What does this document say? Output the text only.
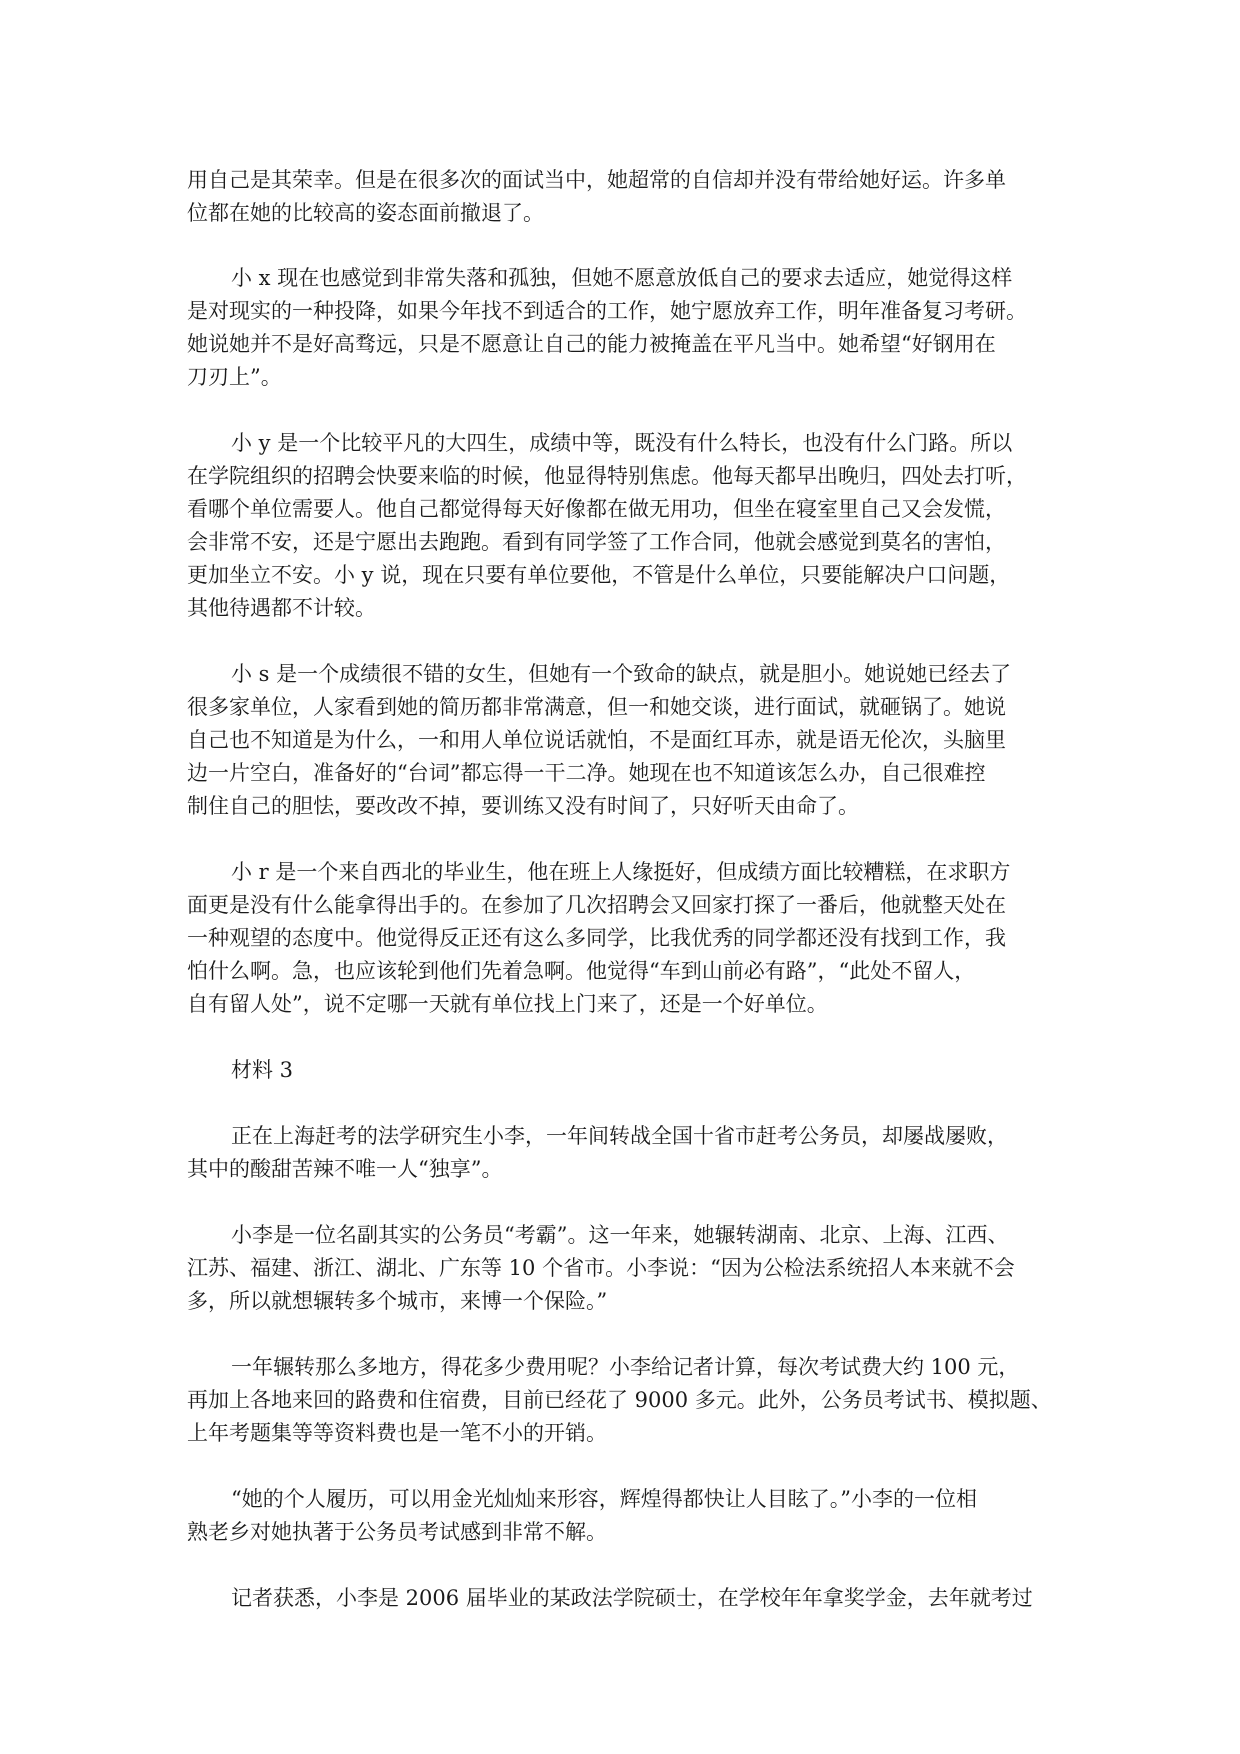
用自己是其荣幸。但是在很多次的面试当中，她超常的自信却并没有带给她好运。许多单
位都在她的比较高的姿态面前撤退了。
小 x 现在也感觉到非常失落和孤独，但她不愿意放低自己的要求去适应，她觉得这样
是对现实的一种投降，如果今年找不到适合的工作，她宁愿放弃工作，明年准备复习考研。
她说她并不是好高骛远，只是不愿意让自己的能力被掩盖在平凡当中。她希望“好钢用在
刀刃上”。
小 y 是一个比较平凡的大四生，成绩中等，既没有什么特长，也没有什么门路。所以
在学院组织的招聘会快要来临的时候，他显得特别焦虑。他每天都早出晚归，四处去打听，
看哪个单位需要人。他自己都觉得每天好像都在做无用功，但坐在寝室里自己又会发慌，
会非常不安，还是宁愿出去跑跑。看到有同学签了工作合同，他就会感觉到莫名的害怕，
更加坐立不安。小 y 说，现在只要有单位要他，不管是什么单位，只要能解决户口问题，
其他待遇都不计较。
小 s 是一个成绩很不错的女生，但她有一个致命的缺点，就是胆小。她说她已经去了
很多家单位，人家看到她的简历都非常满意，但一和她交谈，进行面试，就砸锅了。她说
自己也不知道是为什么，一和用人单位说话就怕，不是面红耳赤，就是语无伦次，头脑里
边一片空白，准备好的“台词”都忘得一干二净。她现在也不知道该怎么办，自己很难控
制住自己的胆怯，要改改不掉，要训练又没有时间了，只好听天由命了。
小 r 是一个来自西北的毕业生，他在班上人缘挺好，但成绩方面比较糟糕，在求职方
面更是没有什么能拿得出手的。在参加了几次招聘会又回家打探了一番后，他就整天处在
一种观望的态度中。他觉得反正还有这么多同学，比我优秀的同学都还没有找到工作，我
怕什么啊。急，也应该轮到他们先着急啊。他觉得“车到山前必有路”，“此处不留人，
自有留人处”，说不定哪一天就有单位找上门来了，还是一个好单位。
材料 3
正在上海赶考的法学研究生小李，一年间转战全国十省市赶考公务员，却屡战屡败，
其中的酸甜苦辣不唯一人“独享”。
小李是一位名副其实的公务员“考霸”。这一年来，她辗转湖南、北京、上海、江西、
江苏、福建、浙江、湖北、广东等 10 个省市。小李说：“因为公检法系统招人本来就不会
多，所以就想辗转多个城市，来博一个保险。”
一年辗转那么多地方，得花多少费用呢？小李给记者计算，每次考试费大约 100 元，
再加上各地来回的路费和住宿费，目前已经花了 9000 多元。此外，公务员考试书、模拟题、
上年考题集等等资料费也是一笔不小的开销。
“她的个人履历，可以用金光灿灿来形容，辉煌得都快让人目眩了。”小李的一位相
熟老乡对她执著于公务员考试感到非常不解。
记者获悉，小李是 2006 届毕业的某政法学院硕士，在学校年年拿奖学金，去年就考过
